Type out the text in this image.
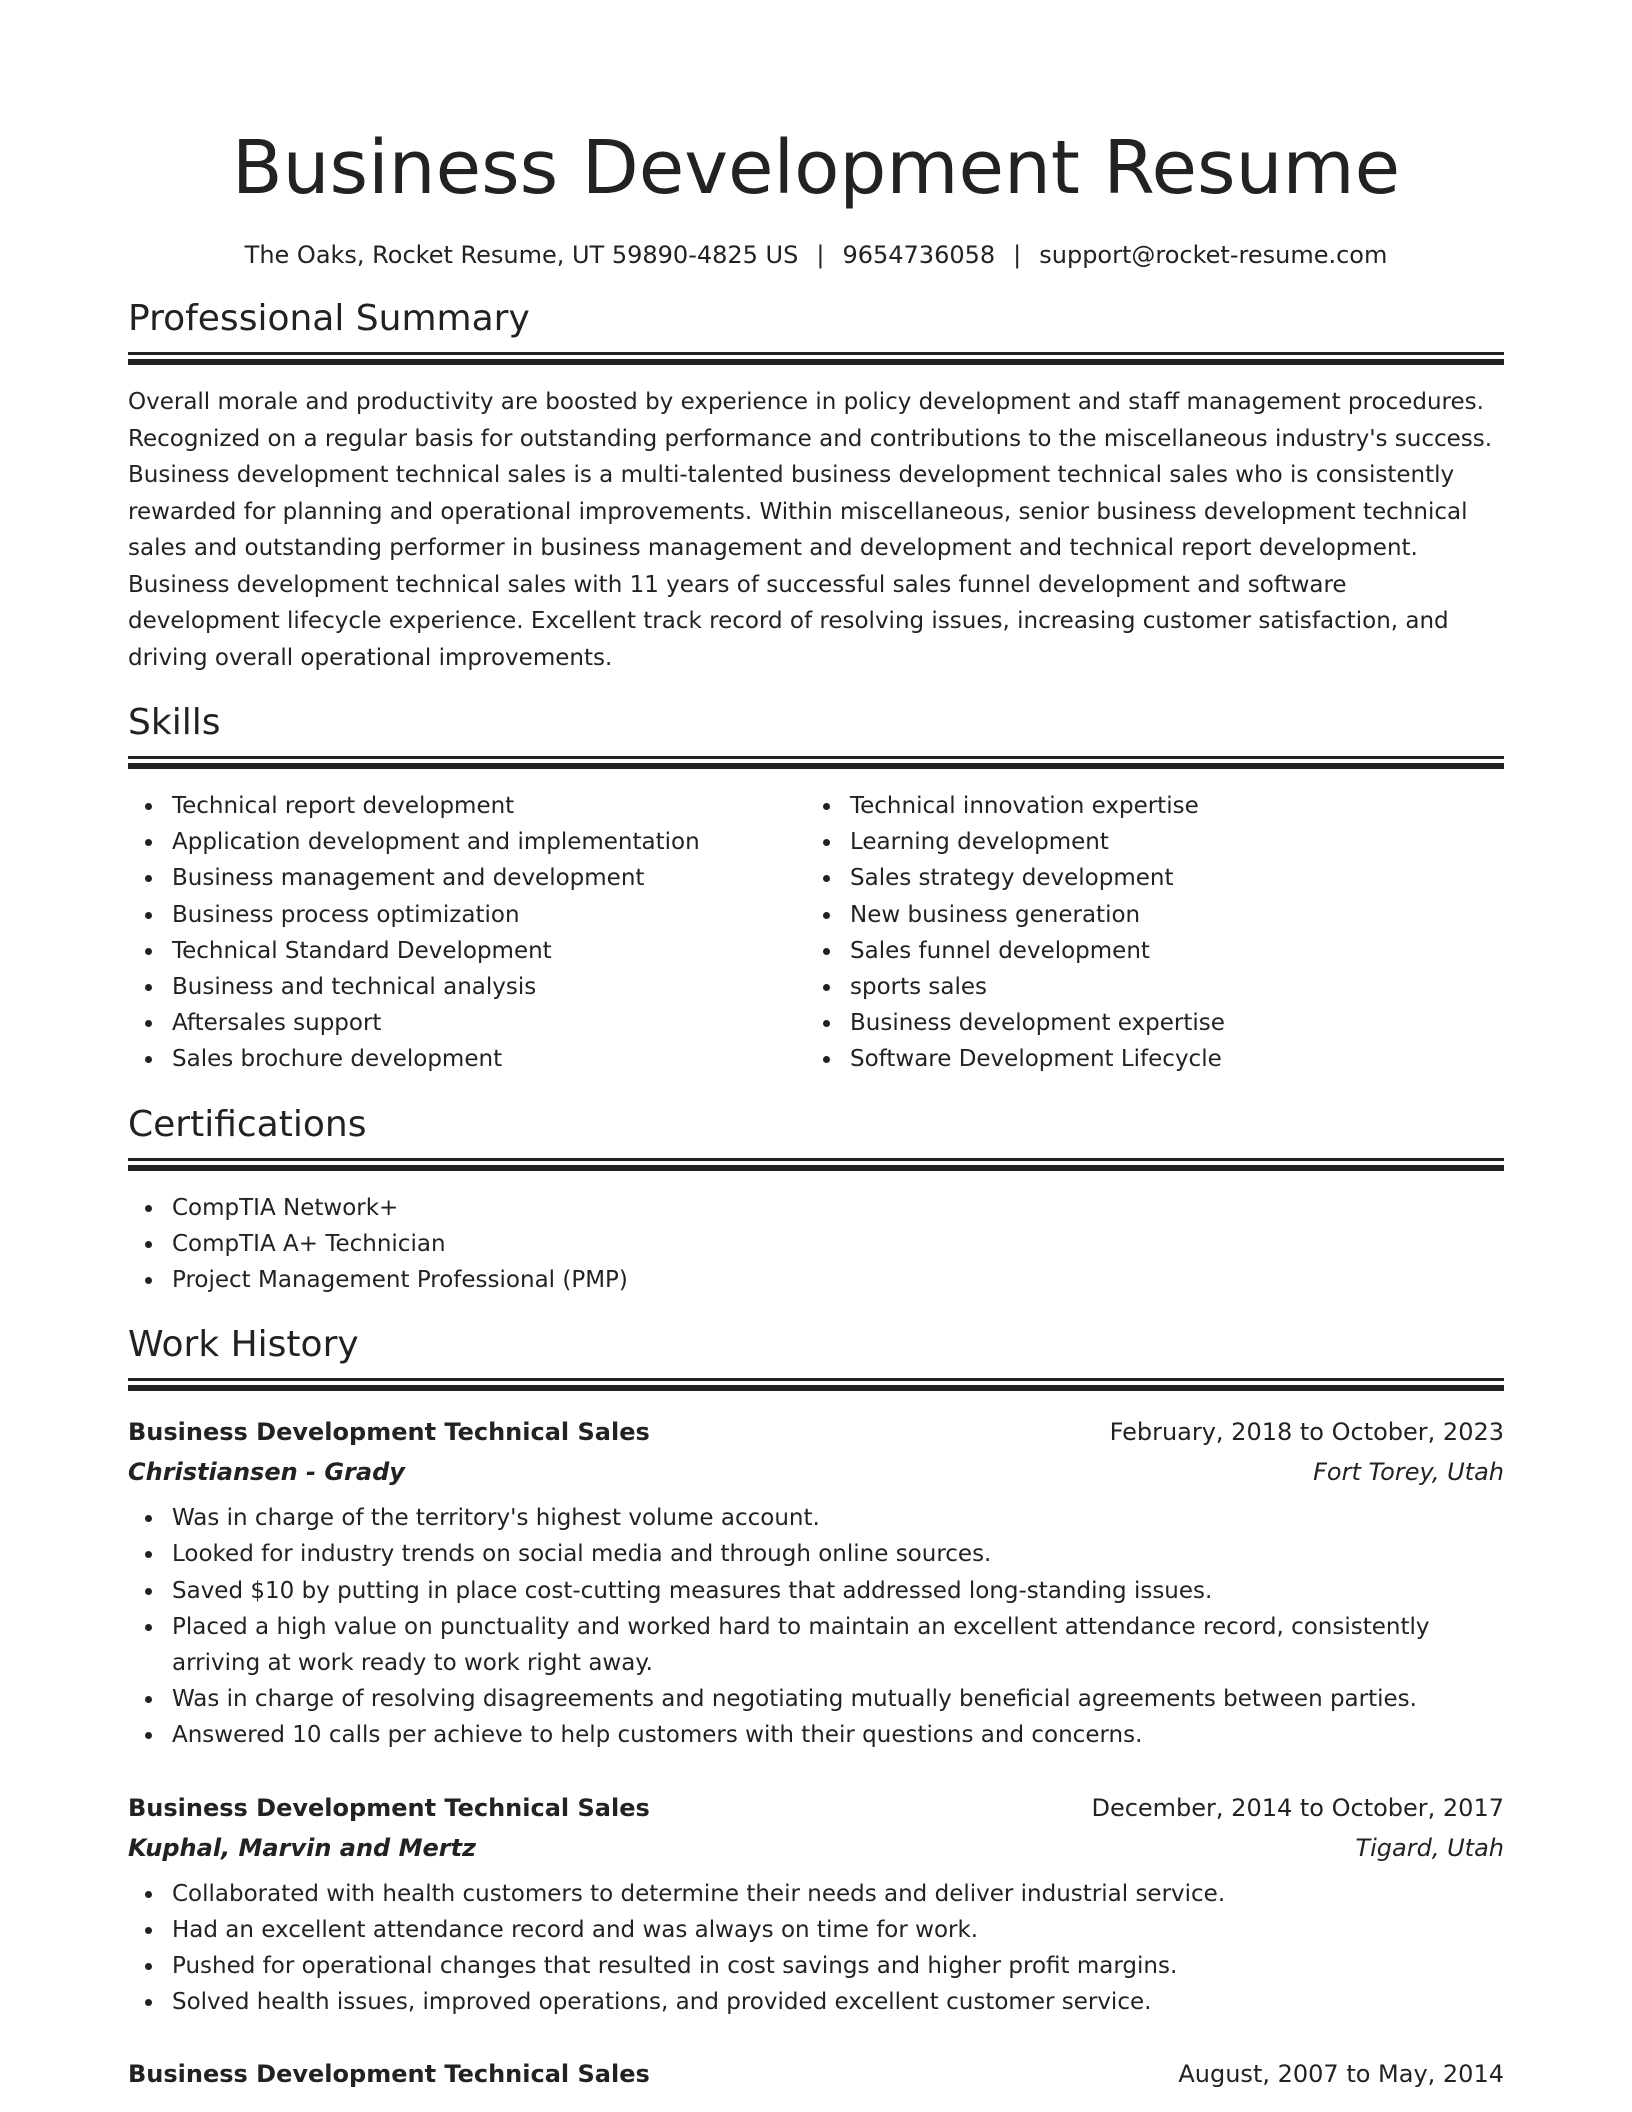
Business Development Resume
The Oaks, Rocket Resume, UT 59890-4825 US | 9654736058 | support@rocket-resume.com
Professional Summary

Overall morale and productivity are boosted by experience in policy development and staff management procedures. Recognized on a regular basis for outstanding performance and contributions to the miscellaneous industry's success. Business development technical sales is a multi-talented business development technical sales who is consistently rewarded for planning and operational improvements. Within miscellaneous, senior business development technical sales and outstanding performer in business management and development and technical report development. Business development technical sales with 11 years of successful sales funnel development and software development lifecycle experience. Excellent track record of resolving issues, increasing customer satisfaction, and driving overall operational improvements.

Skills
Technical report development
Application development and implementation
Business management and development
Business process optimization
Technical Standard Development
Business and technical analysis
Aftersales support
Sales brochure development
Technical innovation expertise
Learning development
Sales strategy development
New business generation
Sales funnel development
sports sales
Business development expertise
Software Development Lifecycle
Certifications
CompTIA Network+
CompTIA A+ Technician
Project Management Professional (PMP)
Work History
Business Development Technical Sales	February, 2018 to October, 2023
Christiansen - Grady	Fort Torey, Utah
Was in charge of the territory's highest volume account.
Looked for industry trends on social media and through online sources.
Saved $10 by putting in place cost-cutting measures that addressed long-standing issues.
Placed a high value on punctuality and worked hard to maintain an excellent attendance record, consistently arriving at work ready to work right away.
Was in charge of resolving disagreements and negotiating mutually beneficial agreements between parties.
Answered 10 calls per achieve to help customers with their questions and concerns.
Business Development Technical Sales	December, 2014 to October, 2017
Kuphal, Marvin and Mertz	Tigard, Utah
Collaborated with health customers to determine their needs and deliver industrial service.
Had an excellent attendance record and was always on time for work.
Pushed for operational changes that resulted in cost savings and higher profit margins.
Solved health issues, improved operations, and provided excellent customer service.
Business Development Technical Sales	August, 2007 to May, 2014
